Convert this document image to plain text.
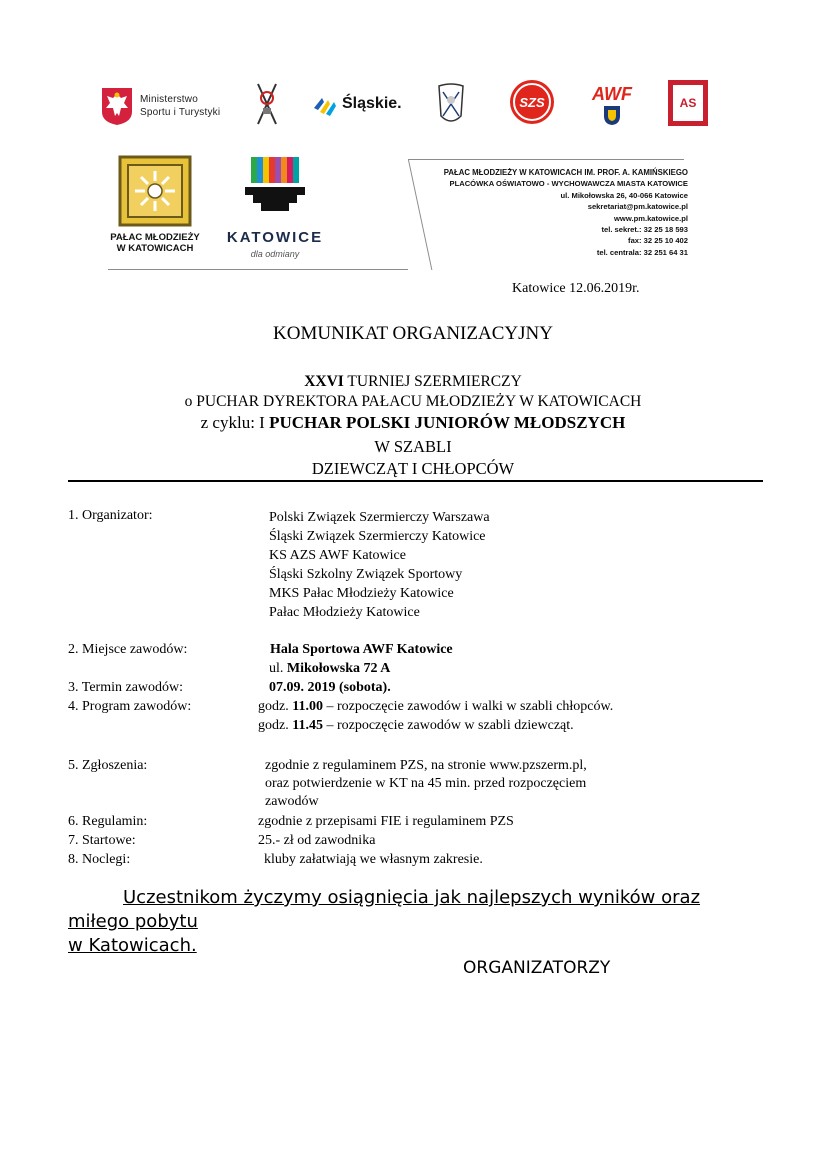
Ministerstwo
Sportu i Turystyki
Śląskie.	SZS	AWF	AS
PAŁAC MŁODZIEŻY
W KATOWICACH
KATOWICE
dla odmiany
PAŁAC MŁODZIEŻY W KATOWICACH IM. PROF. A. KAMIŃSKIEGO
PLACÓWKA OŚWIATOWO - WYCHOWAWCZA MIASTA KATOWICE
ul. Mikołowska 26, 40-066 Katowice
sekretariat@pm.katowice.pl
www.pm.katowice.pl
tel. sekret.: 32 25 18 593
fax: 32 25 10 402
tel. centrala: 32 251 64 31
Katowice 12.06.2019r.
KOMUNIKAT ORGANIZACYJNY
XXVI TURNIEJ SZERMIERCZY
o PUCHAR DYREKTORA PAŁACU MŁODZIEŻY W KATOWICACH
z cyklu: I PUCHAR POLSKI JUNIORÓW MŁODSZYCH
W SZABLI
DZIEWCZĄT I CHŁOPCÓW
1. Organizator:	Polski Związek Szermierczy Warszawa
Śląski Związek Szermierczy Katowice
KS AZS AWF Katowice
Śląski Szkolny Związek Sportowy
MKS Pałac Młodzieży Katowice
Pałac Młodzieży Katowice
2. Miejsce zawodów:	Hala Sportowa AWF Katowice
ul. Mikołowska 72 A
3. Termin zawodów:	07.09. 2019 (sobota).
4. Program zawodów:	godz. 11.00 – rozpoczęcie zawodów i walki w szabli chłopców.
godz. 11.45 – rozpoczęcie zawodów w szabli dziewcząt.
5. Zgłoszenia:	zgodnie z regulaminem PZS, na stronie www.pzszerm.pl,
oraz potwierdzenie w KT na 45 min. przed rozpoczęciem
zawodów
6. Regulamin:	zgodnie z przepisami FIE i regulaminem PZS
7. Startowe:	25.- zł od zawodnika
8. Noclegi:	kluby załatwiają we własnym zakresie.
Uczestnikom życzymy osiągnięcia jak najlepszych wyników oraz
miłego pobytu
w Katowicach.
ORGANIZATORZY
